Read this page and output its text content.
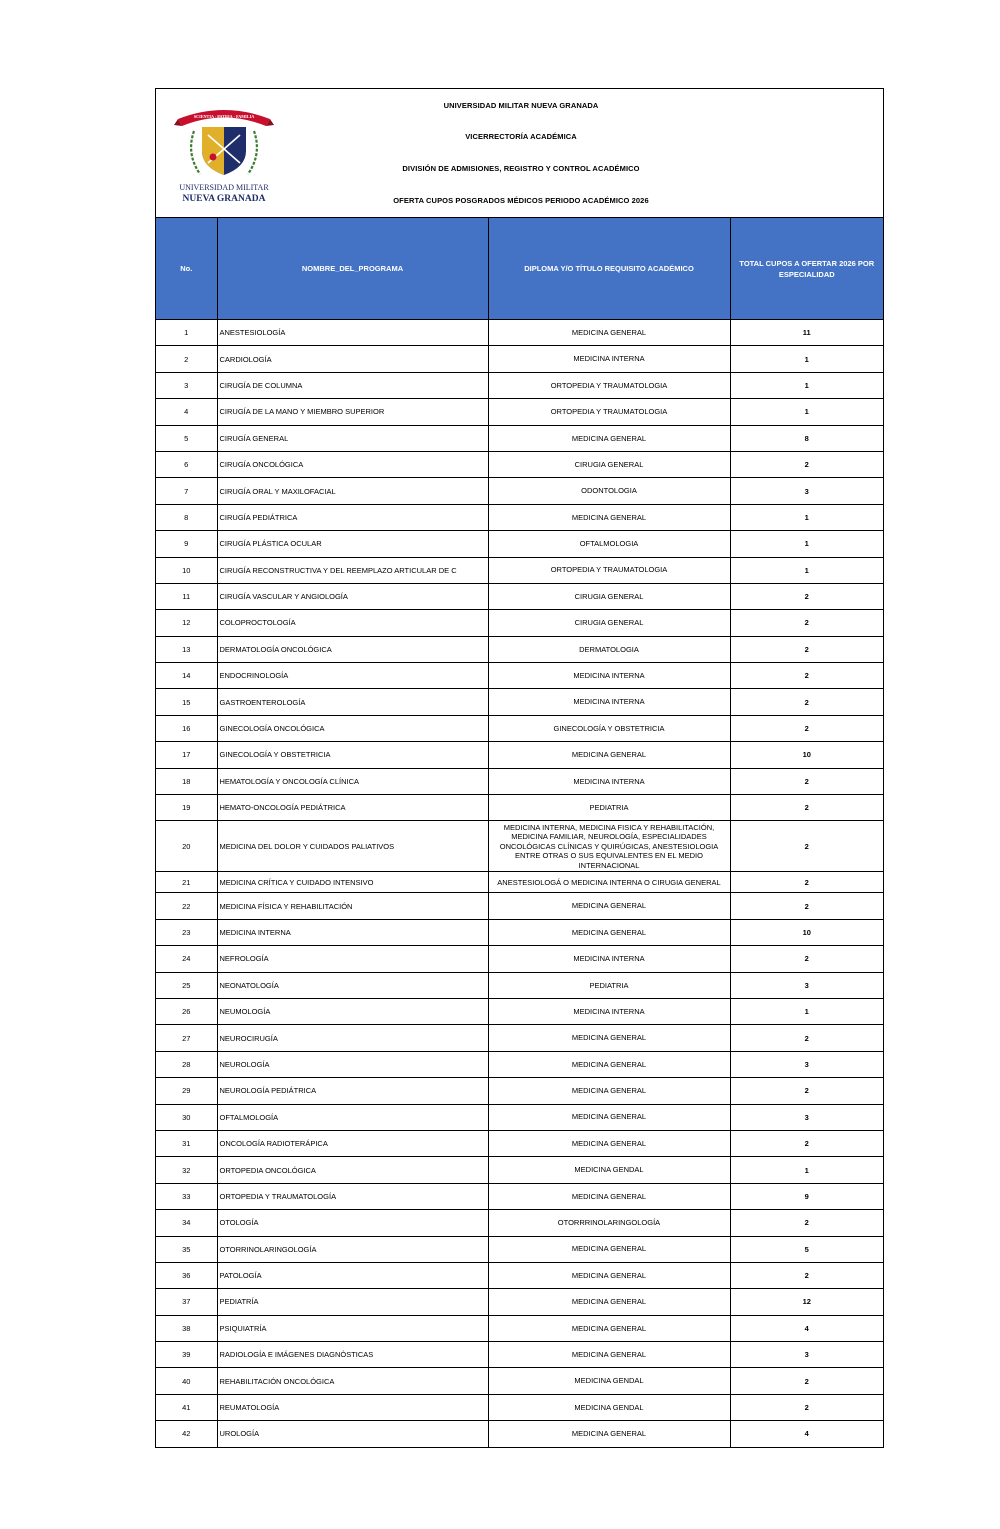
SCIENTIA · PATRIA · FAMILIA
UNIVERSIDAD MILITAR
NUEVA GRANADA
UNIVERSIDAD MILITAR NUEVA GRANADA
VICERRECTORÍA ACADÉMICA
DIVISIÓN DE ADMISIONES, REGISTRO Y CONTROL ACADÉMICO
OFERTA CUPOS POSGRADOS MÉDICOS PERIODO ACADÉMICO 2026
No.	NOMBRE_DEL_PROGRAMA	DIPLOMA Y/O TÍTULO REQUISITO ACADÉMICO	TOTAL CUPOS A OFERTAR 2026 POR ESPECIALIDAD
1	ANESTESIOLOGÍA	MEDICINA GENERAL	11
2	CARDIOLOGÍA	MEDICINA INTERNA	1
3	CIRUGÍA DE COLUMNA	ORTOPEDIA Y TRAUMATOLOGIA	1
4	CIRUGÍA DE LA MANO Y MIEMBRO SUPERIOR	ORTOPEDIA Y TRAUMATOLOGIA	1
5	CIRUGÍA GENERAL	MEDICINA GENERAL	8
6	CIRUGÍA ONCOLÓGICA	CIRUGIA GENERAL	2
7	CIRUGÍA ORAL Y MAXILOFACIAL	ODONTOLOGIA	3
8	CIRUGÍA PEDIÁTRICA	MEDICINA GENERAL	1
9	CIRUGÍA PLÁSTICA OCULAR	OFTALMOLOGIA	1
10	CIRUGÍA RECONSTRUCTIVA Y DEL REEMPLAZO ARTICULAR DE C	ORTOPEDIA Y TRAUMATOLOGIA	1
11	CIRUGÍA VASCULAR Y ANGIOLOGÍA	CIRUGIA GENERAL	2
12	COLOPROCTOLOGÍA	CIRUGIA GENERAL	2
13	DERMATOLOGÍA ONCOLÓGICA	DERMATOLOGIA	2
14	ENDOCRINOLOGÍA	MEDICINA INTERNA	2
15	GASTROENTEROLOGÍA	MEDICINA INTERNA	2
16	GINECOLOGÍA ONCOLÓGICA	GINECOLOGÍA Y OBSTETRICIA	2
17	GINECOLOGÍA Y OBSTETRICIA	MEDICINA GENERAL	10
18	HEMATOLOGÍA Y ONCOLOGÍA CLÍNICA	MEDICINA INTERNA	2
19	HEMATO-ONCOLOGÍA PEDIÁTRICA	PEDIATRIA	2
20	MEDICINA DEL DOLOR Y CUIDADOS PALIATIVOS	MEDICINA INTERNA, MEDICINA FISICA Y REHABILITACIÓN, MEDICINA FAMILIAR, NEUROLOGÍA, ESPECIALIDADES ONCOLÓGICAS CLÍNICAS Y QUIRÚGICAS, ANESTESIOLOGIA ENTRE OTRAS O SUS EQUIVALENTES EN EL MEDIO INTERNACIONAL	2
21	MEDICINA CRÍTICA Y CUIDADO INTENSIVO	ANESTESIOLOGÁ O MEDICINA INTERNA O CIRUGIA GENERAL	2
22	MEDICINA FÍSICA Y REHABILITACIÓN	MEDICINA GENERAL	2
23	MEDICINA INTERNA	MEDICINA GENERAL	10
24	NEFROLOGÍA	MEDICINA INTERNA	2
25	NEONATOLOGÍA	PEDIATRIA	3
26	NEUMOLOGÍA	MEDICINA INTERNA	1
27	NEUROCIRUGÍA	MEDICINA GENERAL	2
28	NEUROLOGÍA	MEDICINA GENERAL	3
29	NEUROLOGÍA PEDIÁTRICA	MEDICINA GENERAL	2
30	OFTALMOLOGÍA	MEDICINA GENERAL	3
31	ONCOLOGÍA RADIOTERÁPICA	MEDICINA GENERAL	2
32	ORTOPEDIA ONCOLÓGICA	MEDICINA GENDAL	1
33	ORTOPEDIA Y TRAUMATOLOGÍA	MEDICINA GENERAL	9
34	OTOLOGÍA	OTORRRINOLARINGOLOGÍA	2
35	OTORRINOLARINGOLOGÍA	MEDICINA GENERAL	5
36	PATOLOGÍA	MEDICINA GENERAL	2
37	PEDIATRÍA	MEDICINA GENERAL	12
38	PSIQUIATRÍA	MEDICINA GENERAL	4
39	RADIOLOGÍA E IMÁGENES DIAGNÓSTICAS	MEDICINA GENERAL	3
40	REHABILITACIÓN ONCOLÓGICA	MEDICINA GENDAL	2
41	REUMATOLOGÍA	MEDICINA GENDAL	2
42	UROLOGÍA	MEDICINA GENERAL	4
